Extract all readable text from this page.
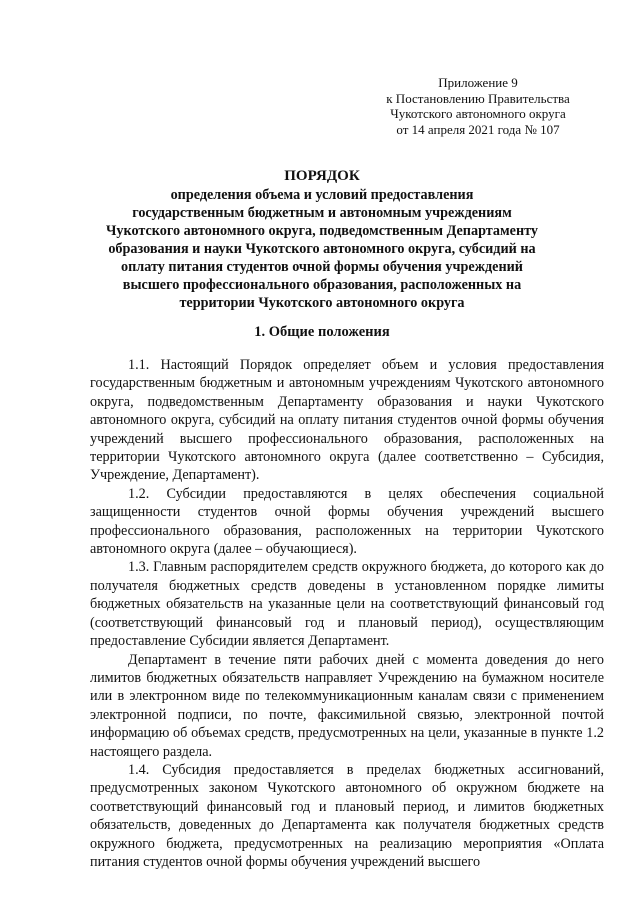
Приложение 9
к Постановлению Правительства
Чукотского автономного округа
от 14 апреля 2021 года № 107
ПОРЯДОК
определения объема и условий предоставления
государственным бюджетным и автономным учреждениям
Чукотского автономного округа, подведомственным Департаменту
образования и науки Чукотского автономного округа, субсидий на
оплату питания студентов очной формы обучения учреждений
высшего профессионального образования, расположенных на
территории Чукотского автономного округа
1. Общие положения

1.1. Настоящий Порядок определяет объем и условия предоставления государственным бюджетным и автономным учреждениям Чукотского автономного округа, подведомственным Департаменту образования и науки Чукотского автономного округа, субсидий на оплату питания студентов очной формы обучения учреждений высшего профессионального образования, расположенных на территории Чукотского автономного округа (далее соответственно – Субсидия, Учреждение, Департамент).

1.2. Субсидии предоставляются в целях обеспечения социальной защищенности студентов очной формы обучения учреждений высшего профессионального образования, расположенных на территории Чукотского автономного округа (далее – обучающиеся).

1.3. Главным распорядителем средств окружного бюджета, до которого как до получателя бюджетных средств доведены в установленном порядке лимиты бюджетных обязательств на указанные цели на соответствующий финансовый год (соответствующий финансовый год и плановый период), осуществляющим предоставление Субсидии является Департамент.

Департамент в течение пяти рабочих дней с момента доведения до него лимитов бюджетных обязательств направляет Учреждению на бумажном носителе или в электронном виде по телекоммуникационным каналам связи с применением электронной подписи, по почте, факсимильной связью, электронной почтой информацию об объемах средств, предусмотренных на цели, указанные в пункте 1.2 настоящего раздела.

1.4. Субсидия предоставляется в пределах бюджетных ассигнований, предусмотренных законом Чукотского автономного об окружном бюджете на соответствующий финансовый год и плановый период, и лимитов бюджетных обязательств, доведенных до Департамента как получателя бюджетных средств окружного бюджета, предусмотренных на реализацию мероприятия «Оплата питания студентов очной формы обучения учреждений высшего
